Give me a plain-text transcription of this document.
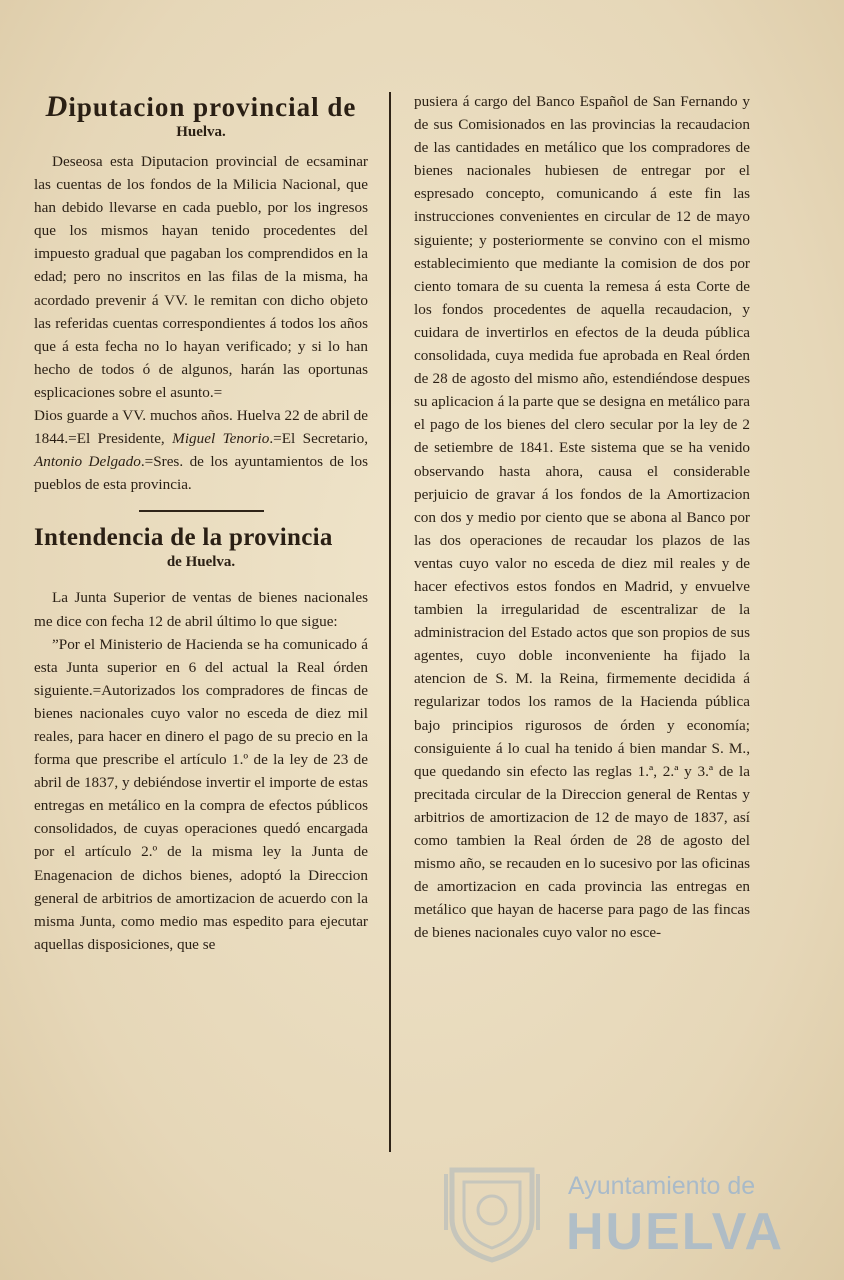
Diputacion provincial de
Huelva.

Deseosa esta Diputacion provincial de ecsaminar las cuentas de los fondos de la Milicia Nacional, que han debido llevarse en cada pueblo, por los ingresos que los mismos hayan tenido procedentes del impuesto gradual que pagaban los comprendidos en la edad; pero no inscritos en las filas de la misma, ha acordado prevenir á VV. le remitan con dicho objeto las referidas cuentas correspondientes á todos los años que á esta fecha no lo hayan verificado; y si lo han hecho de todos ó de algunos, harán las oportunas esplicaciones sobre el asunto.=

Dios guarde a VV. muchos años. Huelva 22 de abril de 1844.=El Presidente, Miguel Tenorio.=El Secretario, Antonio Delgado.=Sres. de los ayuntamientos de los pueblos de esta provincia.

Intendencia de la provincia
de Huelva.

La Junta Superior de ventas de bienes nacionales me dice con fecha 12 de abril último lo que sigue:

”Por el Ministerio de Hacienda se ha comunicado á esta Junta superior en 6 del actual la Real órden siguiente.=Autorizados los compradores de fincas de bienes nacionales cuyo valor no esceda de diez mil reales, para hacer en dinero el pago de su precio en la forma que prescribe el artículo 1.º de la ley de 23 de abril de 1837, y debiéndose invertir el importe de estas entregas en metálico en la compra de efectos públicos consolidados, de cuyas operaciones quedó encargada por el artículo 2.º de la misma ley la Junta de Enagenacion de dichos bienes, adoptó la Direccion general de arbitrios de amortizacion de acuerdo con la misma Junta, como medio mas espedito para ejecutar aquellas disposiciones, que se

pusiera á cargo del Banco Español de San Fernando y de sus Comisionados en las provincias la recaudacion de las cantidades en metálico que los compradores de bienes nacionales hubiesen de entregar por el espresado concepto, comunicando á este fin las instrucciones convenientes en circular de 12 de mayo siguiente; y posteriormente se convino con el mismo establecimiento que mediante la comision de dos por ciento tomara de su cuenta la remesa á esta Corte de los fondos procedentes de aquella recaudacion, y cuidara de invertirlos en efectos de la deuda pública consolidada, cuya medida fue aprobada en Real órden de 28 de agosto del mismo año, estendiéndose despues su aplicacion á la parte que se designa en metálico para el pago de los bienes del clero secular por la ley de 2 de setiembre de 1841. Este sistema que se ha venido observando hasta ahora, causa el considerable perjuicio de gravar á los fondos de la Amortizacion con dos y medio por ciento que se abona al Banco por las dos operaciones de recaudar los plazos de las ventas cuyo valor no esceda de diez mil reales y de hacer efectivos estos fondos en Madrid, y envuelve tambien la irregularidad de escentralizar de la administracion del Estado actos que son propios de sus agentes, cuyo doble inconveniente ha fijado la atencion de S. M. la Reina, firmemente decidida á regularizar todos los ramos de la Hacienda pública bajo principios rigurosos de órden y economía; consiguiente á lo cual ha tenido á bien mandar S. M., que quedando sin efecto las reglas 1.ª, 2.ª y 3.ª de la precitada circular de la Direccion general de Rentas y arbitrios de amortizacion de 12 de mayo de 1837, así como tambien la Real órden de 28 de agosto del mismo año, se recauden en lo sucesivo por las oficinas de amortizacion en cada provincia las entregas en metálico que hayan de hacerse para pago de las fincas de bienes nacionales cuyo valor no esce-

Ayuntamiento de
HUELVA
